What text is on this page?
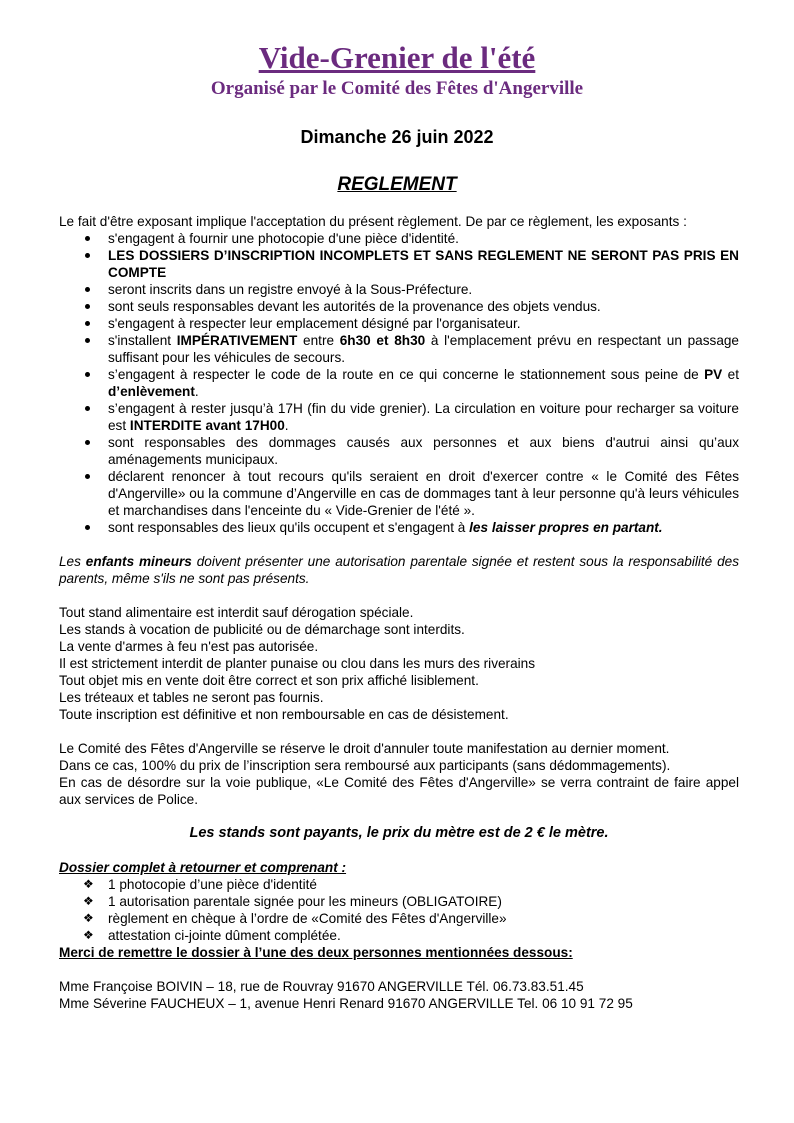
Vide-Grenier de l'été
Organisé par le Comité des Fêtes d'Angerville
Dimanche 26 juin 2022
REGLEMENT

Le fait d'être exposant implique l'acceptation du présent règlement. De par ce règlement, les exposants :

s'engagent à fournir une photocopie d'une pièce d'identité.
LES DOSSIERS D’INSCRIPTION INCOMPLETS ET SANS REGLEMENT NE SERONT PAS PRIS EN COMPTE
seront inscrits dans un registre envoyé à la Sous-Préfecture.
sont seuls responsables devant les autorités de la provenance des objets vendus.
s'engagent à respecter leur emplacement désigné par l'organisateur.
s'installent IMPÉRATIVEMENT entre 6h30 et 8h30 à l'emplacement prévu en respectant un passage suffisant pour les véhicules de secours.
s’engagent à respecter le code de la route en ce qui concerne le stationnement sous peine de PV et d’enlèvement.
s’engagent à rester jusqu’à 17H (fin du vide grenier). La circulation en voiture pour recharger sa voiture est INTERDITE avant 17H00.
sont responsables des dommages causés aux personnes et aux biens d'autrui ainsi qu’aux aménagements municipaux.
déclarent renoncer à tout recours qu'ils seraient en droit d'exercer contre « le Comité des Fêtes d'Angerville» ou la commune d’Angerville en cas de dommages tant à leur personne qu'à leurs véhicules et marchandises dans l'enceinte du « Vide-Grenier de l'été ».
sont responsables des lieux qu'ils occupent et s'engagent à les laisser propres en partant.

Les enfants mineurs doivent présenter une autorisation parentale signée et restent sous la responsabilité des parents, même s'ils ne sont pas présents.

Tout stand alimentaire est interdit sauf dérogation spéciale.

Les stands à vocation de publicité ou de démarchage sont interdits.

La vente d'armes à feu n'est pas autorisée.

Il est strictement interdit de planter punaise ou clou dans les murs des riverains

Tout objet mis en vente doit être correct et son prix affiché lisiblement.

Les tréteaux et tables ne seront pas fournis.

Toute inscription est définitive et non remboursable en cas de désistement.

Le Comité des Fêtes d'Angerville se réserve le droit d'annuler toute manifestation au dernier moment.

Dans ce cas, 100% du prix de l’inscription sera remboursé aux participants (sans dédommagements).

En cas de désordre sur la voie publique, «Le Comité des Fêtes d'Angerville» se verra contraint de faire appel aux services de Police.

Les stands sont payants, le prix du mètre est de 2 € le mètre.

Dossier complet à retourner et comprenant :

❖ 1 photocopie d’une pièce d'identité
❖ 1 autorisation parentale signée pour les mineurs (OBLIGATOIRE)
❖ règlement en chèque à l’ordre de «Comité des Fêtes d'Angerville»
❖ attestation ci-jointe dûment complétée.

Merci de remettre le dossier à l’une des deux personnes mentionnées dessous:

Mme Françoise BOIVIN – 18, rue de Rouvray 91670 ANGERVILLE Tél. 06.73.83.51.45

Mme Séverine FAUCHEUX – 1, avenue Henri Renard 91670 ANGERVILLE Tel. 06 10 91 72 95
